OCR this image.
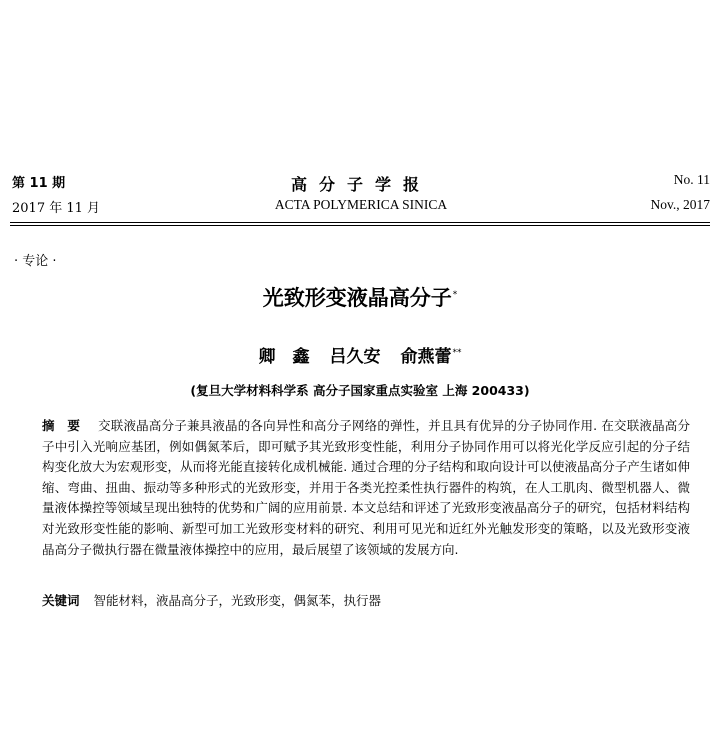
第 11 期	高分子学报	No. 11
2017 年 11 月	ACTA POLYMERICA SINICA	Nov., 2017
· 专论 ·
光致形变液晶高分子*
卿　鑫 吕久安 俞燕蕾**
(复旦大学材料科学系 高分子国家重点实验室 上海 200433)
摘　要 交联液晶高分子兼具液晶的各向异性和高分子网络的弹性，并且具有优异的分子协同作用. 在交联液晶高分子中引入光响应基团，例如偶氮苯后，即可赋予其光致形变性能，利用分子协同作用可以将光化学反应引起的分子结构变化放大为宏观形变，从而将光能直接转化成机械能. 通过合理的分子结构和取向设计可以使液晶高分子产生诸如伸缩、弯曲、扭曲、振动等多种形式的光致形变，并用于各类光控柔性执行器件的构筑，在人工肌肉、微型机器人、微量液体操控等领域呈现出独特的优势和广阔的应用前景. 本文总结和评述了光致形变液晶高分子的研究，包括材料结构对光致形变性能的影响、新型可加工光致形变材料的研究、利用可见光和近红外光触发形变的策略，以及光致形变液晶高分子微执行器在微量液体操控中的应用，最后展望了该领域的发展方向.
关键词 智能材料，液晶高分子，光致形变，偶氮苯，执行器
